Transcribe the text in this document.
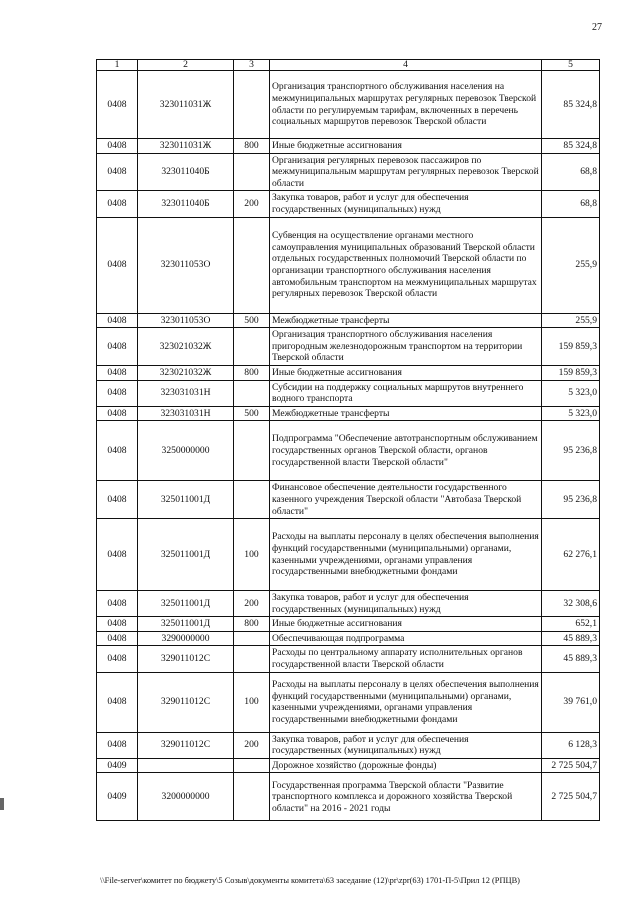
27
1	2	3	4	5
0408	323011031Ж		Организация транспортного обслуживания населения на межмуниципальных маршрутах регулярных перевозок Тверской области по регулируемым тарифам, включенных в перечень социальных маршрутов перевозок Тверской области	85 324,8
0408	323011031Ж	800	Иные бюджетные ассигнования	85 324,8
0408	323011040Б		Организация регулярных перевозок пассажиров по межмуниципальным маршрутам регулярных перевозок Тверской области	68,8
0408	323011040Б	200	Закупка товаров, работ и услуг для обеспечения государственных (муниципальных) нужд	68,8
0408	323011053О		Субвенция на осуществление органами местного самоуправления муниципальных образований Тверской области отдельных государственных полномочий Тверской области по организации транспортного обслуживания населения автомобильным транспортом на межмуниципальных маршрутах регулярных перевозок Тверской области	255,9
0408	323011053О	500	Межбюджетные трансферты	255,9
0408	323021032Ж		Организация транспортного обслуживания населения пригородным железнодорожным транспортом на территории Тверской области	159 859,3
0408	323021032Ж	800	Иные бюджетные ассигнования	159 859,3
0408	323031031Н		Субсидии на поддержку социальных маршрутов внутреннего водного транспорта	5 323,0
0408	323031031Н	500	Межбюджетные трансферты	5 323,0
0408	3250000000		Подпрограмма "Обеспечение автотранспортным обслуживанием государственных органов Тверской области, органов государственной власти Тверской области"	95 236,8
0408	325011001Д		Финансовое обеспечение деятельности государственного казенного учреждения Тверской области "Автобаза Тверской области"	95 236,8
0408	325011001Д	100	Расходы на выплаты персоналу в целях обеспечения выполнения функций государственными (муниципальными) органами, казенными учреждениями, органами управления государственными внебюджетными фондами	62 276,1
0408	325011001Д	200	Закупка товаров, работ и услуг для обеспечения государственных (муниципальных) нужд	32 308,6
0408	325011001Д	800	Иные бюджетные ассигнования	652,1
0408	3290000000		Обеспечивающая подпрограмма	45 889,3
0408	329011012С		Расходы по центральному аппарату исполнительных органов государственной власти Тверской области	45 889,3
0408	329011012С	100	Расходы на выплаты персоналу в целях обеспечения выполнения функций государственными (муниципальными) органами, казенными учреждениями, органами управления государственными внебюджетными фондами	39 761,0
0408	329011012С	200	Закупка товаров, работ и услуг для обеспечения государственных (муниципальных) нужд	6 128,3
0409			Дорожное хозяйство (дорожные фонды)	2 725 504,7
0409	3200000000		Государственная программа Тверской области "Развитие транспортного комплекса и дорожного хозяйства Тверской области" на 2016 - 2021 годы	2 725 504,7
\\File-server\комитет по бюджету\5 Созыв\документы комитета\63 заседание (12)\pr\zpr(63) 1701-П-5\Прил 12 (РПЦВ)
